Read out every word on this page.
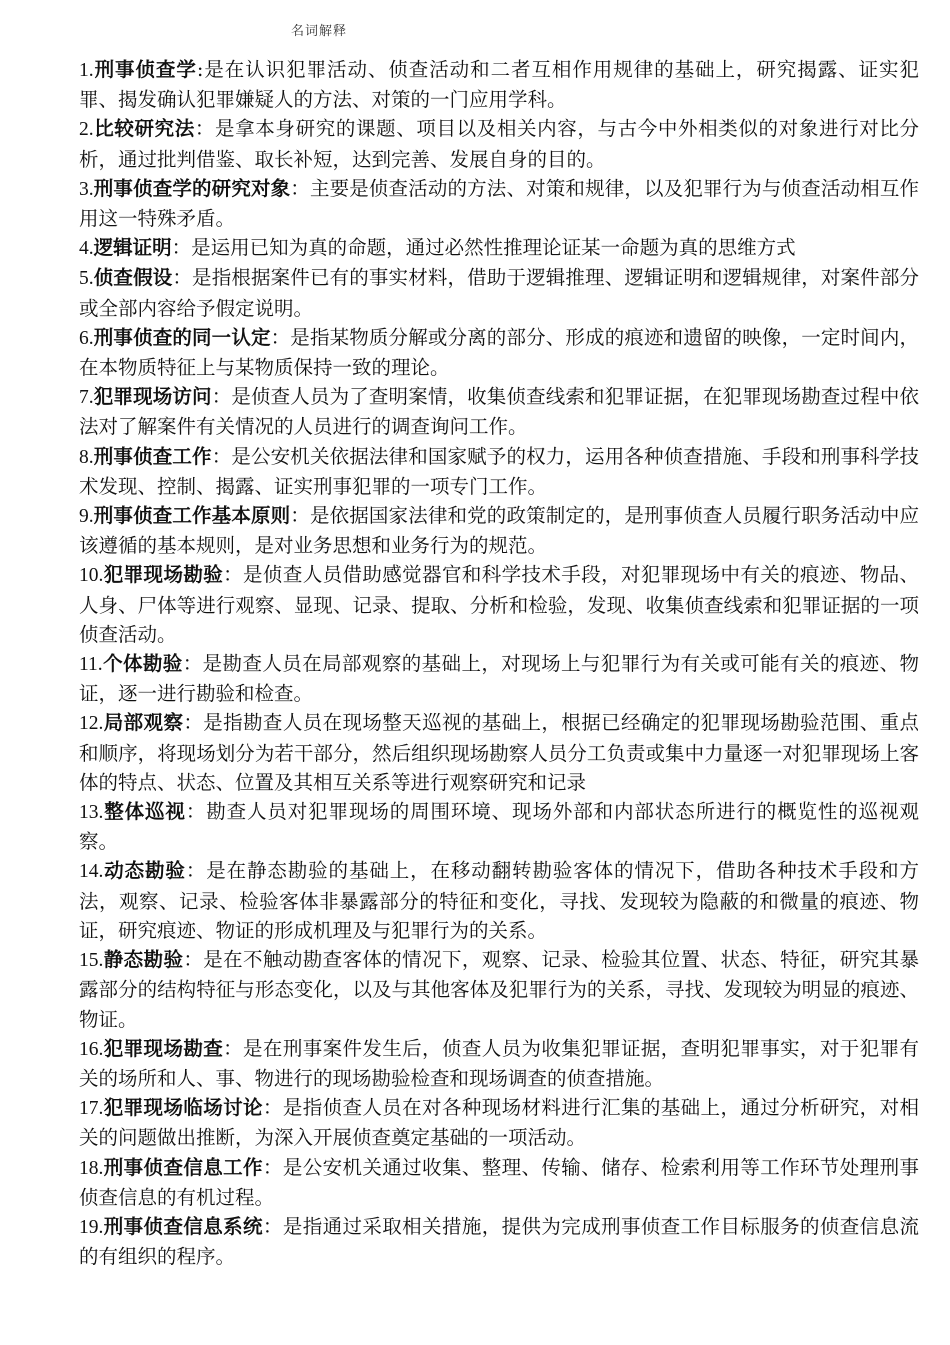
名词解释

1.刑事侦查学:是在认识犯罪活动、侦查活动和二者互相作用规律的基础上，研究揭露、证实犯罪、揭发确认犯罪嫌疑人的方法、对策的一门应用学科。

2.比较研究法：是拿本身研究的课题、项目以及相关内容，与古今中外相类似的对象进行对比分析，通过批判借鉴、取长补短，达到完善、发展自身的目的。

3.刑事侦查学的研究对象：主要是侦查活动的方法、对策和规律，以及犯罪行为与侦查活动相互作用这一特殊矛盾。

4.逻辑证明：是运用已知为真的命题，通过必然性推理论证某一命题为真的思维方式

5.侦查假设：是指根据案件已有的事实材料，借助于逻辑推理、逻辑证明和逻辑规律，对案件部分或全部内容给予假定说明。

6.刑事侦查的同一认定：是指某物质分解或分离的部分、形成的痕迹和遗留的映像，一定时间内，在本物质特征上与某物质保持一致的理论。

7.犯罪现场访问：是侦查人员为了查明案情，收集侦查线索和犯罪证据，在犯罪现场勘查过程中依法对了解案件有关情况的人员进行的调查询问工作。

8.刑事侦查工作：是公安机关依据法律和国家赋予的权力，运用各种侦查措施、手段和刑事科学技术发现、控制、揭露、证实刑事犯罪的一项专门工作。

9.刑事侦查工作基本原则：是依据国家法律和党的政策制定的，是刑事侦查人员履行职务活动中应该遵循的基本规则，是对业务思想和业务行为的规范。

10.犯罪现场勘验：是侦查人员借助感觉器官和科学技术手段，对犯罪现场中有关的痕迹、物品、人身、尸体等进行观察、显现、记录、提取、分析和检验，发现、收集侦查线索和犯罪证据的一项侦查活动。

11.个体勘验：是勘查人员在局部观察的基础上，对现场上与犯罪行为有关或可能有关的痕迹、物证，逐一进行勘验和检查。

12.局部观察：是指勘查人员在现场整天巡视的基础上，根据已经确定的犯罪现场勘验范围、重点和顺序，将现场划分为若干部分，然后组织现场勘察人员分工负责或集中力量逐一对犯罪现场上客体的特点、状态、位置及其相互关系等进行观察研究和记录

13.整体巡视：勘查人员对犯罪现场的周围环境、现场外部和内部状态所进行的概览性的巡视观察。

14.动态勘验：是在静态勘验的基础上，在移动翻转勘验客体的情况下，借助各种技术手段和方法，观察、记录、检验客体非暴露部分的特征和变化，寻找、发现较为隐蔽的和微量的痕迹、物证，研究痕迹、物证的形成机理及与犯罪行为的关系。

15.静态勘验：是在不触动勘查客体的情况下，观察、记录、检验其位置、状态、特征，研究其暴露部分的结构特征与形态变化，以及与其他客体及犯罪行为的关系，寻找、发现较为明显的痕迹、物证。

16.犯罪现场勘查：是在刑事案件发生后，侦查人员为收集犯罪证据，查明犯罪事实，对于犯罪有关的场所和人、事、物进行的现场勘验检查和现场调查的侦查措施。

17.犯罪现场临场讨论：是指侦查人员在对各种现场材料进行汇集的基础上，通过分析研究，对相关的问题做出推断，为深入开展侦查奠定基础的一项活动。

18.刑事侦查信息工作：是公安机关通过收集、整理、传输、储存、检索利用等工作环节处理刑事侦查信息的有机过程。

19.刑事侦查信息系统：是指通过采取相关措施，提供为完成刑事侦查工作目标服务的侦查信息流的有组织的程序。
